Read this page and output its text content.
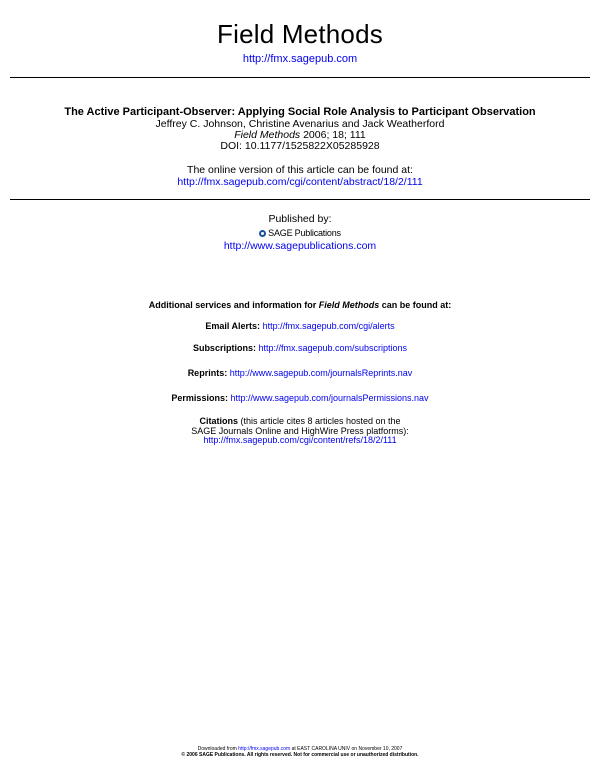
Field Methods
http://fmx.sagepub.com
The Active Participant-Observer: Applying Social Role Analysis to Participant Observation
Jeffrey C. Johnson, Christine Avenarius and Jack Weatherford
Field Methods 2006; 18; 111
DOI: 10.1177/1525822X05285928
The online version of this article can be found at:
http://fmx.sagepub.com/cgi/content/abstract/18/2/111
Published by:
SAGE Publications
http://www.sagepublications.com
Additional services and information for Field Methods can be found at:
Email Alerts: http://fmx.sagepub.com/cgi/alerts
Subscriptions: http://fmx.sagepub.com/subscriptions
Reprints: http://www.sagepub.com/journalsReprints.nav
Permissions: http://www.sagepub.com/journalsPermissions.nav
Citations (this article cites 8 articles hosted on the
SAGE Journals Online and HighWire Press platforms):
http://fmx.sagepub.com/cgi/content/refs/18/2/111
Downloaded from http://fmx.sagepub.com at EAST CAROLINA UNIV on November 10, 2007
© 2006 SAGE Publications. All rights reserved. Not for commercial use or unauthorized distribution.
